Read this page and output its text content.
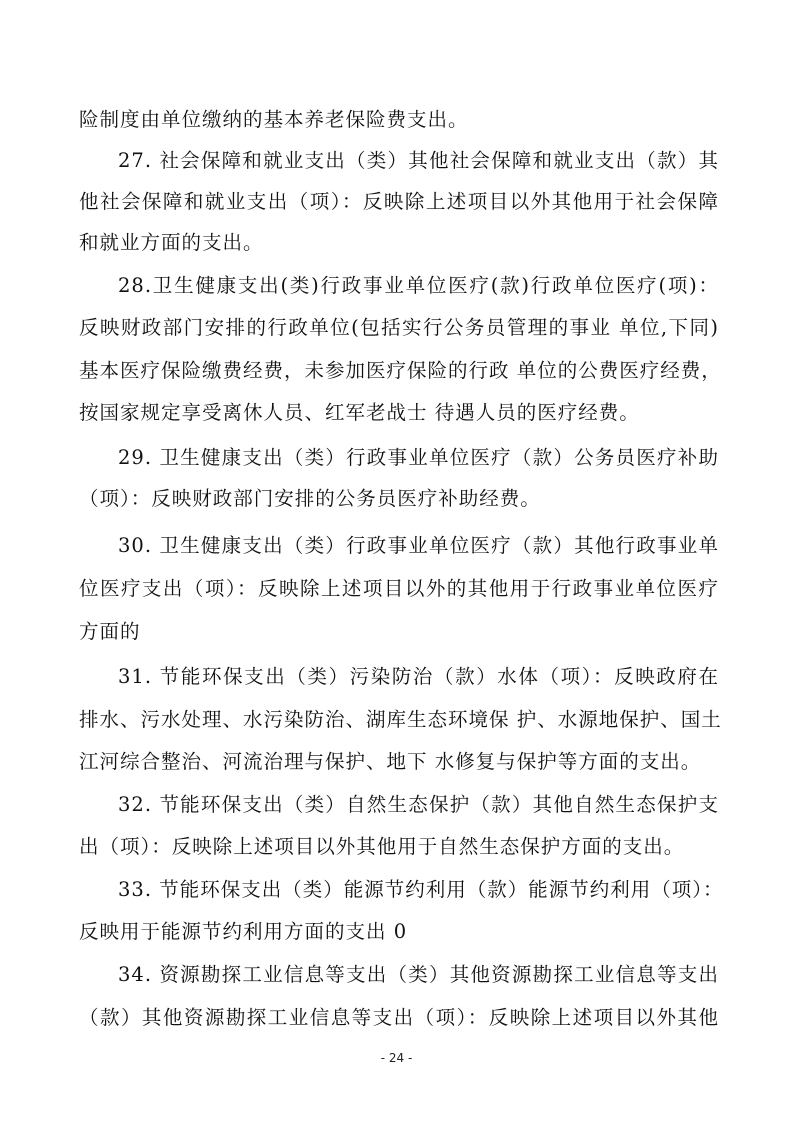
险制度由单位缴纳的基本养老保险费支出。

27. 社会保障和就业支出（类）其他社会保障和就业支出（款）其

他社会保障和就业支出（项）：反映除上述项目以外其他用于社会保障

和就业方面的支出。

28.卫生健康支出(类)行政事业单位医疗(款)行政单位医疗(项)：

反映财政部门安排的行政单位(包括实行公务员管理的事业 单位,下同)

基本医疗保险缴费经费，未参加医疗保险的行政 单位的公费医疗经费，

按国家规定享受离休人员、红军老战士 待遇人员的医疗经费。

29. 卫生健康支出（类）行政事业单位医疗（款）公务员医疗补助

（项）：反映财政部门安排的公务员医疗补助经费。

30. 卫生健康支出（类）行政事业单位医疗（款）其他行政事业单

位医疗支出（项）：反映除上述项目以外的其他用于行政事业单位医疗

方面的

31. 节能环保支出（类）污染防治（款）水体（项）：反映政府在

排水、污水处理、水污染防治、湖库生态环境保 护、水源地保护、国土

江河综合整治、河流治理与保护、地下 水修复与保护等方面的支出。

32. 节能环保支出（类）自然生态保护（款）其他自然生态保护支

出（项）：反映除上述项目以外其他用于自然生态保护方面的支出。

33. 节能环保支出（类）能源节约利用（款）能源节约利用（项）：

反映用于能源节约利用方面的支出 0

34. 资源勘探工业信息等支出（类）其他资源勘探工业信息等支出

（款）其他资源勘探工业信息等支出（项）：反映除上述项目以外其他

- 24 -
